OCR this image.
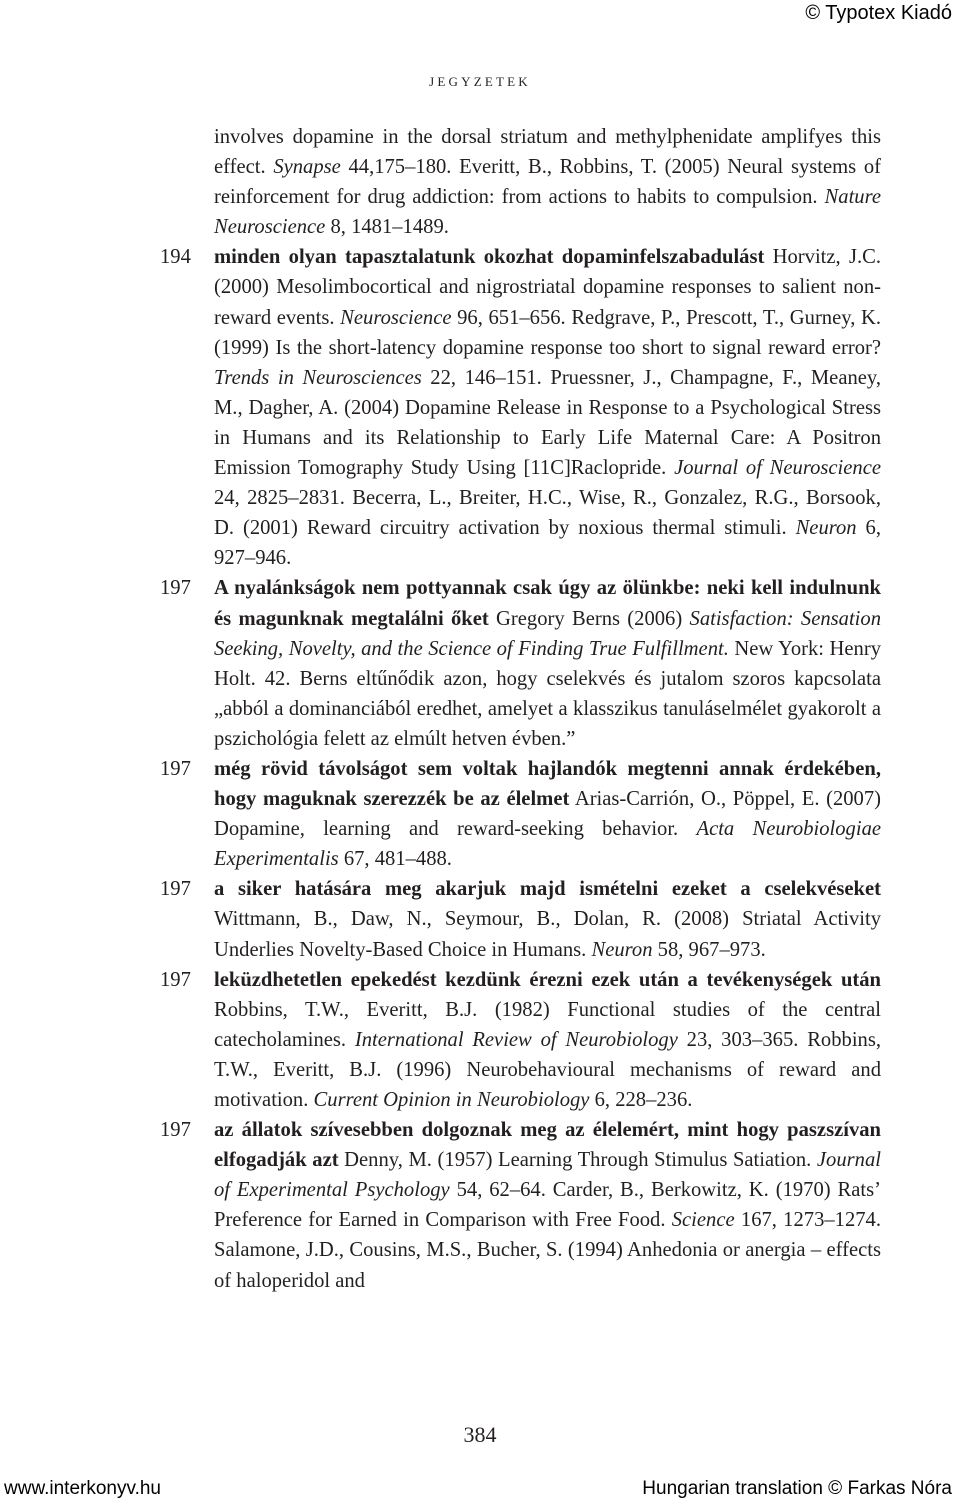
© Typotex Kiadó
jegyzetek
involves dopamine in the dorsal striatum and methylphenidate amplifyes this effect. Synapse 44,175–180. Everitt, B., Robbins, T. (2005) Neural systems of reinforcement for drug addiction: from actions to habits to compulsion. Nature Neuroscience 8, 1481–1489.
194 minden olyan tapasztalatunk okozhat dopaminfelszabadulást Horvitz, J.C. (2000) Mesolimbocortical and nigrostriatal dopamine responses to salient non-reward events. Neuroscience 96, 651–656. Redgrave, P., Prescott, T., Gurney, K. (1999) Is the short-latency dopamine response too short to signal reward error? Trends in Neurosciences 22, 146–151. Pruessner, J., Champagne, F., Meaney, M., Dagher, A. (2004) Dopamine Release in Response to a Psychological Stress in Humans and its Relationship to Early Life Maternal Care: A Positron Emission Tomography Study Using [11C]Raclopride. Journal of Neuroscience 24, 2825–2831. Becerra, L., Breiter, H.C., Wise, R., Gonzalez, R.G., Borsook, D. (2001) Reward circuitry activation by noxious thermal stimuli. Neuron 6, 927–946.
197 A nyalánkságok nem pottyannak csak úgy az ölünkbe: neki kell indulnunk és magunknak megtalálni őket Gregory Berns (2006) Satisfaction: Sensation Seeking, Novelty, and the Science of Finding True Fulfillment. New York: Henry Holt. 42. Berns eltűnődik azon, hogy cselekvés és jutalom szoros kapcsolata „abból a dominanciából eredhet, amelyet a klasszikus tanuláselmélet gyakorolt a pszichológia felett az elmúlt hetven évben.”
197 még rövid távolságot sem voltak hajlandók megtenni annak érdekében, hogy maguknak szerezzék be az élelmet Arias-Carrión, O., Pöppel, E. (2007) Dopamine, learning and reward-seeking behavior. Acta Neurobiologiae Experimentalis 67, 481–488.
197 a siker hatására meg akarjuk majd ismételni ezeket a cselekvéseket Wittmann, B., Daw, N., Seymour, B., Dolan, R. (2008) Striatal Activity Underlies Novelty-Based Choice in Humans. Neuron 58, 967–973.
197 leküzdhetetlen epekedést kezdünk érezni ezek után a tevékenységek után Robbins, T.W., Everitt, B.J. (1982) Functional studies of the central catecholamines. International Review of Neurobiology 23, 303–365. Robbins, T.W., Everitt, B.J. (1996) Neurobehavioural mechanisms of reward and motivation. Current Opinion in Neurobiology 6, 228–236.
197 az állatok szívesebben dolgoznak meg az élelemért, mint hogy paszszívan elfogadják azt Denny, M. (1957) Learning Through Stimulus Satiation. Journal of Experimental Psychology 54, 62–64. Carder, B., Berkowitz, K. (1970) Rats’ Preference for Earned in Comparison with Free Food. Science 167, 1273–1274. Salamone, J.D., Cousins, M.S., Bucher, S. (1994) Anhedonia or anergia – effects of haloperidol and
384
www.interkonyv.hu	Hungarian translation © Farkas Nóra
